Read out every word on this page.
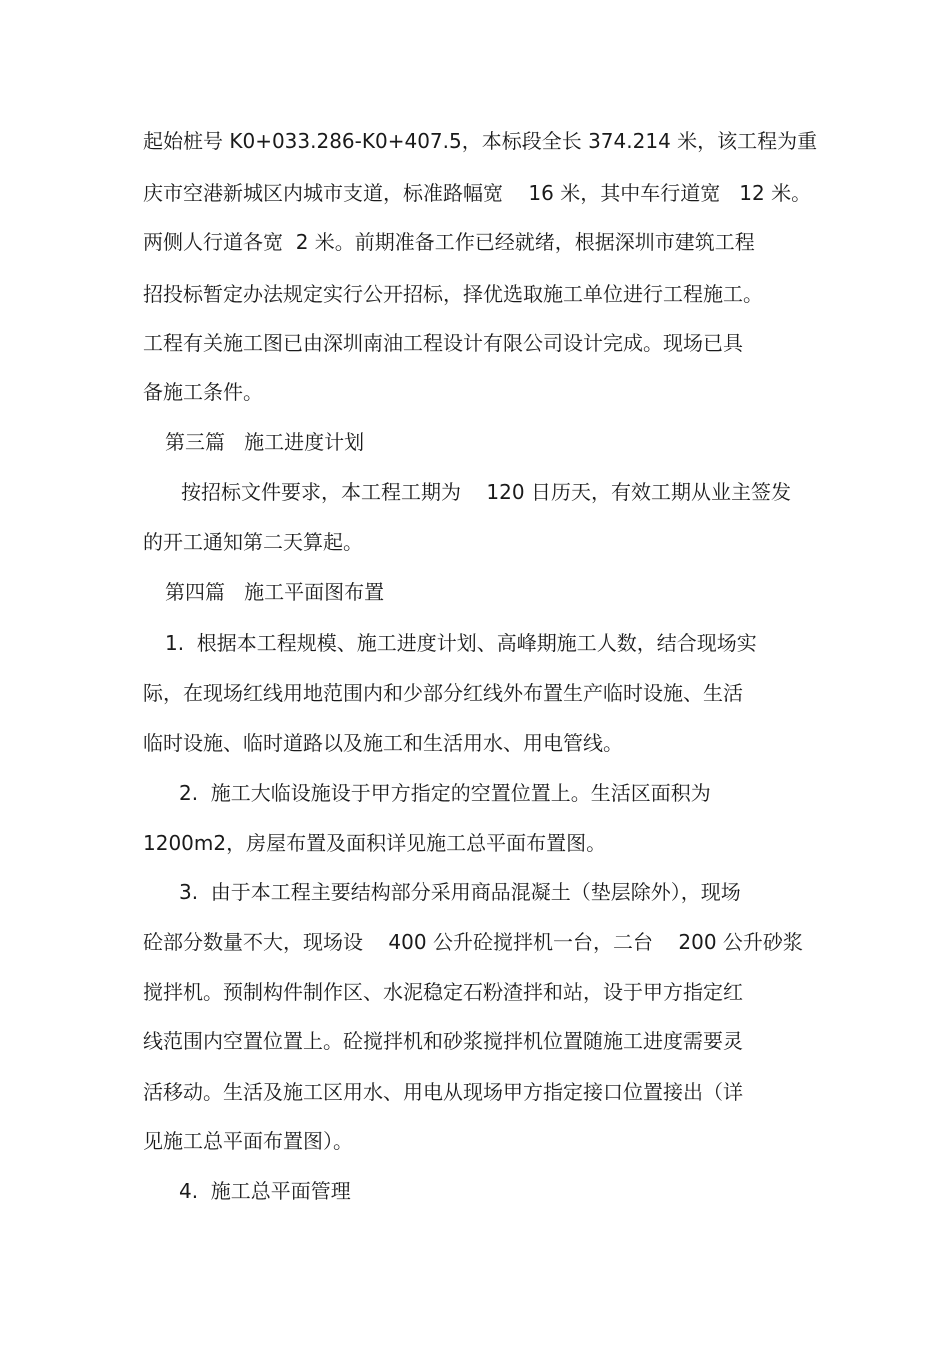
起始桩号 K0+033.286-K0+407.5，本标段全长 374.214 米，该工程为重
庆市空港新城区内城市支道，标准路幅宽    16 米，其中车行道宽   12 米。
两侧人行道各宽  2 米。前期准备工作已经就绪，根据深圳市建筑工程
招投标暂定办法规定实行公开招标，择优选取施工单位进行工程施工。
工程有关施工图已由深圳南油工程设计有限公司设计完成。现场已具
备施工条件。
第三篇   施工进度计划
按招标文件要求，本工程工期为    120 日历天，有效工期从业主签发
的开工通知第二天算起。
第四篇   施工平面图布置
1.  根据本工程规模、施工进度计划、高峰期施工人数，结合现场实
际，在现场红线用地范围内和少部分红线外布置生产临时设施、生活
临时设施、临时道路以及施工和生活用水、用电管线。
2.  施工大临设施设于甲方指定的空置位置上。生活区面积为
1200m2，房屋布置及面积详见施工总平面布置图。
3.  由于本工程主要结构部分采用商品混凝土（垫层除外），现场
砼部分数量不大，现场设    400 公升砼搅拌机一台，二台    200 公升砂浆
搅拌机。预制构件制作区、水泥稳定石粉渣拌和站，设于甲方指定红
线范围内空置位置上。砼搅拌机和砂浆搅拌机位置随施工进度需要灵
活移动。生活及施工区用水、用电从现场甲方指定接口位置接出（详
见施工总平面布置图）。
4.  施工总平面管理
